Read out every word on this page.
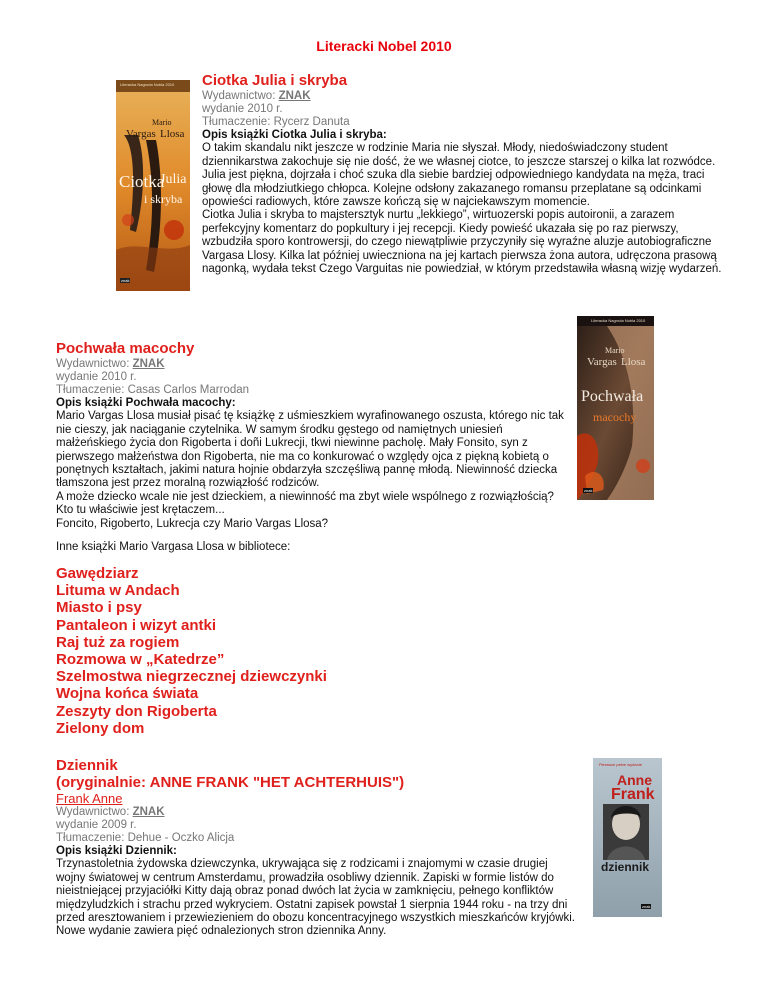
Literacki Nobel 2010
Literacka Nagroda Nobla 2010
Mario
Vargas Llosa
Ciotka
Julia
i skryba
znak
Ciotka Julia i skryba
Wydawnictwo: ZNAK
wydanie 2010 r.
Tłumaczenie: Rycerz Danuta
Opis książki Ciotka Julia i skryba:

O takim skandalu nikt jeszcze w rodzinie Maria nie słyszał. Młody, niedoświadczony student dziennikarstwa zakochuje się nie dość, że we własnej ciotce, to jeszcze starszej o kilka lat rozwódce. Julia jest piękna, dojrzała i choć szuka dla siebie bardziej odpowiedniego kandydata na męża, traci głowę dla młodziutkiego chłopca. Kolejne odsłony zakazanego romansu przeplatane są odcinkami opowieści radiowych, które zawsze kończą się w najciekawszym momencie.

Ciotka Julia i skryba to majstersztyk nurtu „lekkiego”, wirtuozerski popis autoironii, a zarazem perfekcyjny komentarz do popkultury i jej recepcji. Kiedy powieść ukazała się po raz pierwszy, wzbudziła sporo kontrowersji, do czego niewątpliwie przyczyniły się wyraźne aluzje autobiograficzne Vargasa Llosy. Kilka lat później uwieczniona na jej kartach pierwsza żona autora, udręczona prasową nagonką, wydała tekst Czego Varguitas nie powiedział, w którym przedstawiła własną wizję wydarzeń.

Pochwała macochy
Wydawnictwo: ZNAK
wydanie 2010 r.
Tłumaczenie: Casas Carlos Marrodan
Opis książki Pochwała macochy:

Mario Vargas Llosa musiał pisać tę książkę z uśmieszkiem wyrafinowanego oszusta, którego nic tak nie cieszy, jak naciąganie czytelnika. W samym środku gęstego od namiętnych uniesień małżeńskiego życia don Rigoberta i doñi Lukrecji, tkwi niewinne pacholę. Mały Fonsito, syn z pierwszego małżeństwa don Rigoberta, nie ma co konkurować o względy ojca z piękną kobietą o ponętnych kształtach, jakimi natura hojnie obdarzyła szczęśliwą pannę młodą. Niewinność dziecka tłamszona jest przez moralną rozwiązłość rodziców.

A może dziecko wcale nie jest dzieckiem, a niewinność ma zbyt wiele wspólnego z rozwiązłością? Kto tu właściwie jest krętaczem...

Foncito, Rigoberto, Lukrecja czy Mario Vargas Llosa?

Literacka Nagroda Nobla 2010
Mario
Vargas Llosa
Pochwała
macochy
znak
Inne książki Mario Vargasa Llosa w bibliotece:
Gawędziarz
Lituma w Andach
Miasto i psy
Pantaleon i wizyt antki
Raj tuż za rogiem
Rozmowa w „Katedrze”
Szelmostwa niegrzecznej dziewczynki
Wojna końca świata
Zeszyty don Rigoberta
Zielony dom
Dziennik
(oryginalnie: ANNE FRANK "HET ACHTERHUIS")
Frank Anne
Wydawnictwo: ZNAK
wydanie 2009 r.
Tłumaczenie: Dehue - Oczko Alicja
Opis książki Dziennik:

Trzynastoletnia żydowska dziewczynka, ukrywająca się z rodzicami i znajomymi w czasie drugiej wojny światowej w centrum Amsterdamu, prowadziła osobliwy dziennik. Zapiski w formie listów do nieistniejącej przyjaciółki Kitty dają obraz ponad dwóch lat życia w zamknięciu, pełnego konfliktów międzyludzkich i strachu przed wykryciem. Ostatni zapisek powstał 1 sierpnia 1944 roku - na trzy dni przed aresztowaniem i przewiezieniem do obozu koncentracyjnego wszystkich mieszkańców kryjówki. Nowe wydanie zawiera pięć odnalezionych stron dziennika Anny.

Pierwsze pełne wydanie
Anne
Frank
dziennik
znak
